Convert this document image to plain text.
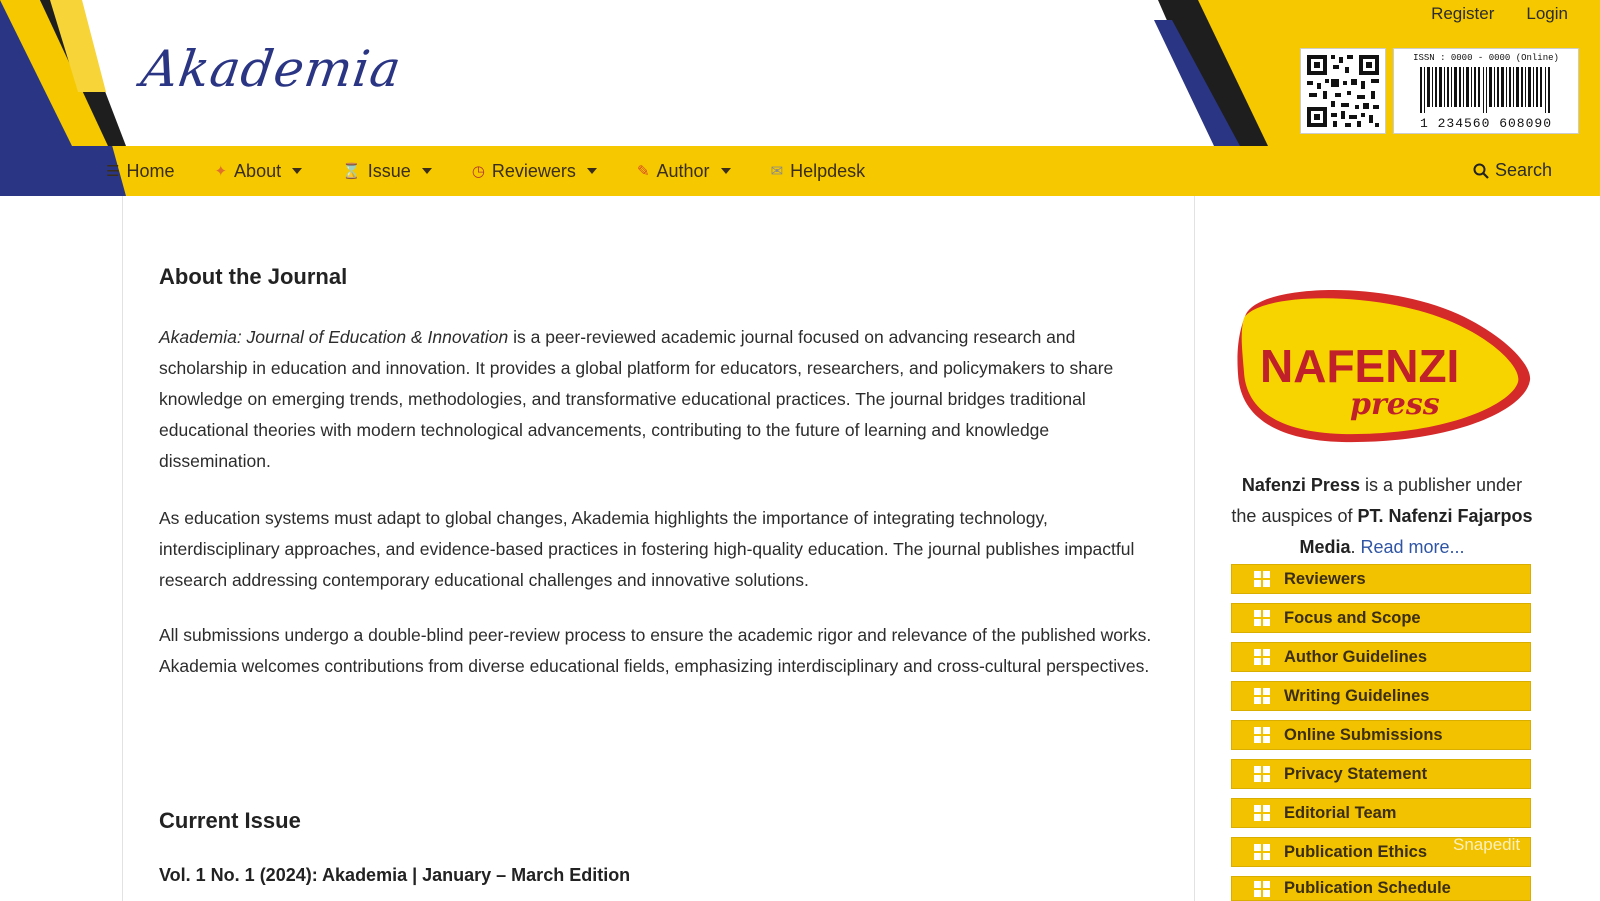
Akademia
Register Login
ISSN : 0000 - 0000 (Online)
1 234560 608090
☰ Home	✦ About	⌛ Issue	◷ Reviewers	✎ Author	✉ Helpdesk	Search
About the Journal

Akademia: Journal of Education & Innovation is a peer-reviewed academic journal focused on advancing research and scholarship in education and innovation. It provides a global platform for educators, researchers, and policymakers to share knowledge on emerging trends, methodologies, and transformative educational practices. The journal bridges traditional educational theories with modern technological advancements, contributing to the future of learning and knowledge dissemination.

As education systems must adapt to global changes, Akademia highlights the importance of integrating technology, interdisciplinary approaches, and evidence-based practices in fostering high-quality education. The journal publishes impactful research addressing contemporary educational challenges and innovative solutions.

All submissions undergo a double-blind peer-review process to ensure the academic rigor and relevance of the published works. Akademia welcomes contributions from diverse educational fields, emphasizing interdisciplinary and cross-cultural perspectives.

Current Issue
Vol. 1 No. 1 (2024): Akademia | January – March Edition
NAFENZI
press
Nafenzi Press is a publisher under the auspices of PT. Nafenzi Fajarpos Media. Read more...
Reviewers
Focus and Scope
Author Guidelines
Writing Guidelines
Online Submissions
Privacy Statement
Editorial Team
Publication Ethics
Publication Schedule
Snapedit
